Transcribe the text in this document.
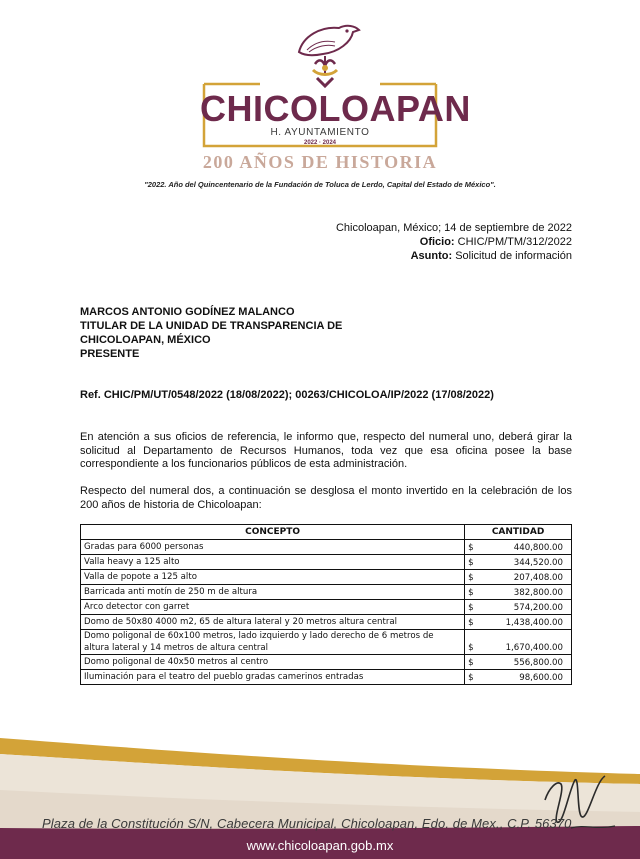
CHICOLOAPAN
H. AYUNTAMIENTO
2022 · 2024
200 AÑOS DE HISTORIA
"2022. Año del Quincentenario de la Fundación de Toluca de Lerdo, Capital del Estado de México".
Chicoloapan, México; 14 de septiembre de 2022
Oficio: CHIC/PM/TM/312/2022
Asunto: Solicitud de información
MARCOS ANTONIO GODÍNEZ MALANCO
TITULAR DE LA UNIDAD DE TRANSPARENCIA DE
CHICOLOAPAN, MÉXICO
PRESENTE
Ref. CHIC/PM/UT/0548/2022 (18/08/2022); 00263/CHICOLOA/IP/2022 (17/08/2022)
En atención a sus oficios de referencia, le informo que, respecto del numeral uno, deberá girar la solicitud al Departamento de Recursos Humanos, toda vez que esa oficina posee la base correspondiente a los funcionarios públicos de esta administración.
Respecto del numeral dos, a continuación se desglosa el monto invertido en la celebración de los 200 años de historia de Chicoloapan:
CONCEPTO	CANTIDAD
Gradas para 6000 personas	$ 440,800.00

Valla heavy a 125 alto	$ 344,520.00

Valla de popote a 125 alto	$ 207,408.00

Barricada anti motín de 250 m de altura	$ 382,800.00

Arco detector con garret	$ 574,200.00

Domo de 50x80 4000 m2, 65 de altura lateral y 20 metros altura central	$ 1,438,400.00

Domo poligonal de 60x100 metros, lado izquierdo y lado derecho de 6 metros de altura lateral y 14 metros de altura central	$ 1,670,400.00

Domo poligonal de 40x50 metros al centro	$ 556,800.00

Iluminación para el teatro del pueblo gradas camerinos entradas	$ 98,600.00
Plaza de la Constitución S/N, Cabecera Municipal, Chicoloapan, Edo. de Mex., C.P. 56370
www.chicoloapan.gob.mx
